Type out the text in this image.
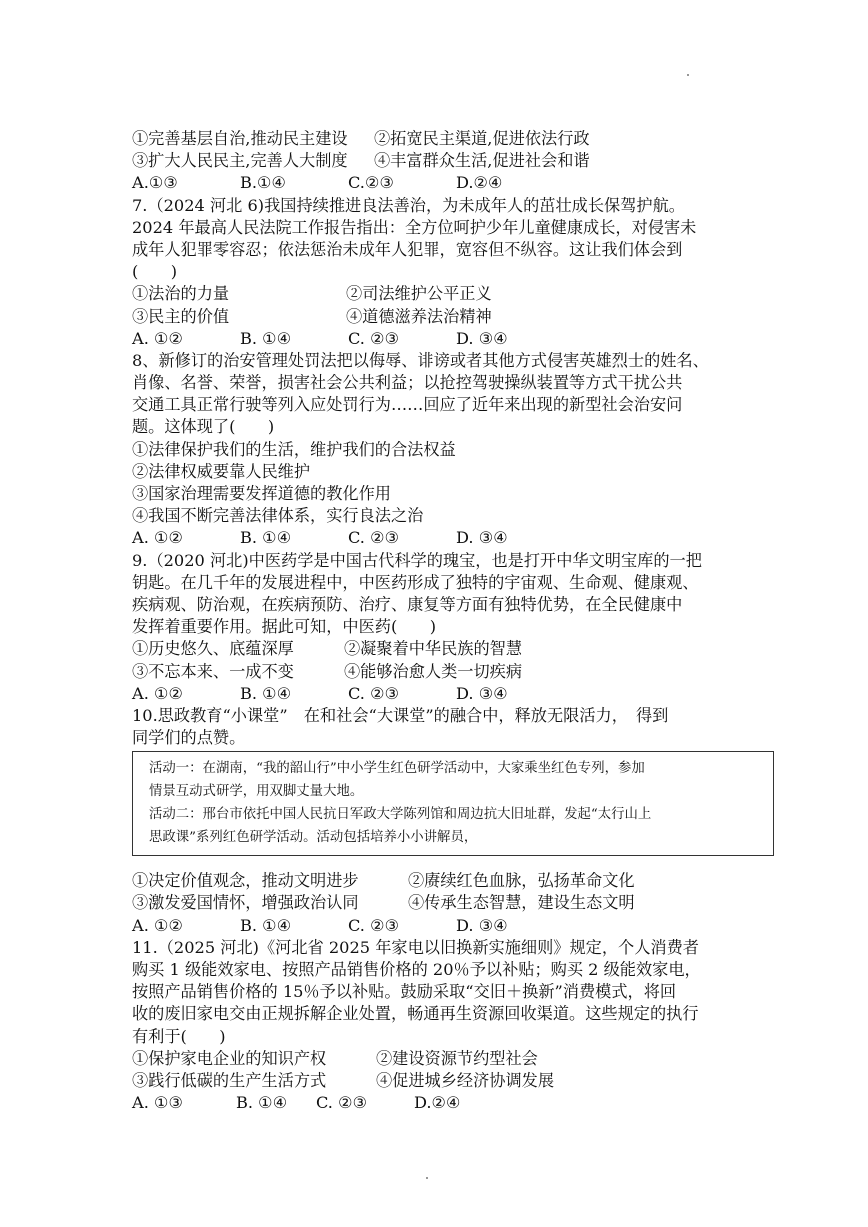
①完善基层自治,推动民主建设 ②拓宽民主渠道,促进依法行政
③扩大人民民主,完善人大制度 ④丰富群众生活,促进社会和谐
A.①③	B.①④	C.②③	D.②④
7.（2024 河北 6)我国持续推进良法善治，为未成年人的茁壮成长保驾护航。
2024 年最高人民法院工作报告指出：全方位呵护少年儿童健康成长，对侵害未
成年人犯罪零容忍；依法惩治未成年人犯罪，宽容但不纵容。这让我们体会到
(　　)
①法治的力量	②司法维护公平正义
③民主的价值	④道德滋养法治精神
A. ①②	B. ①④	C. ②③	D. ③④
8、新修订的治安管理处罚法把以侮辱、诽谤或者其他方式侵害英雄烈士的姓名、
肖像、名誉、荣誉，损害社会公共利益；以抢控驾驶操纵装置等方式干扰公共
交通工具正常行驶等列入应处罚行为……回应了近年来出现的新型社会治安问
题。这体现了(　　)
①法律保护我们的生活，维护我们的合法权益
②法律权威要靠人民维护
③国家治理需要发挥道德的教化作用
④我国不断完善法律体系，实行良法之治
A. ①②	B. ①④	C. ②③	D. ③④
9.（2020 河北)中医药学是中国古代科学的瑰宝，也是打开中华文明宝库的一把
钥匙。在几千年的发展进程中，中医药形成了独特的宇宙观、生命观、健康观、
疾病观、防治观，在疾病预防、治疗、康复等方面有独特优势，在全民健康中
发挥着重要作用。据此可知，中医药(　　)
①历史悠久、底蕴深厚	②凝聚着中华民族的智慧
③不忘本来、一成不变	④能够治愈人类一切疾病
A. ①②	B. ①④	C. ②③	D. ③④
10.思政教育“小课堂”　在和社会“大课堂”的融合中，释放无限活力，　得到
同学们的点赞。
活动一：在湖南，“我的韶山行”中小学生红色研学活动中，大家乘坐红色专列，参加
情景互动式研学，用双脚丈量大地。
活动二：邢台市依托中国人民抗日军政大学陈列馆和周边抗大旧址群，发起“太行山上
思政课”系列红色研学活动。活动包括培养小小讲解员，
①决定价值观念，推动文明进步	②赓续红色血脉，弘扬革命文化
③激发爱国情怀，增强政治认同	④传承生态智慧，建设生态文明
A. ①②	B. ①④	C. ②③	D. ③④
11.（2025 河北)《河北省 2025 年家电以旧换新实施细则》规定，个人消费者
购买 1 级能效家电、按照产品销售价格的 20％予以补贴；购买 2 级能效家电，
按照产品销售价格的 15％予以补贴。鼓励采取“交旧＋换新”消费模式，将回
收的废旧家电交由正规拆解企业处置，畅通再生资源回收渠道。这些规定的执行
有利于(　　)
①保护家电企业的知识产权	②建设资源节约型社会
③践行低碳的生产生活方式	④促进城乡经济协调发展
A. ①③	B. ①④ C. ②③	D.②④
